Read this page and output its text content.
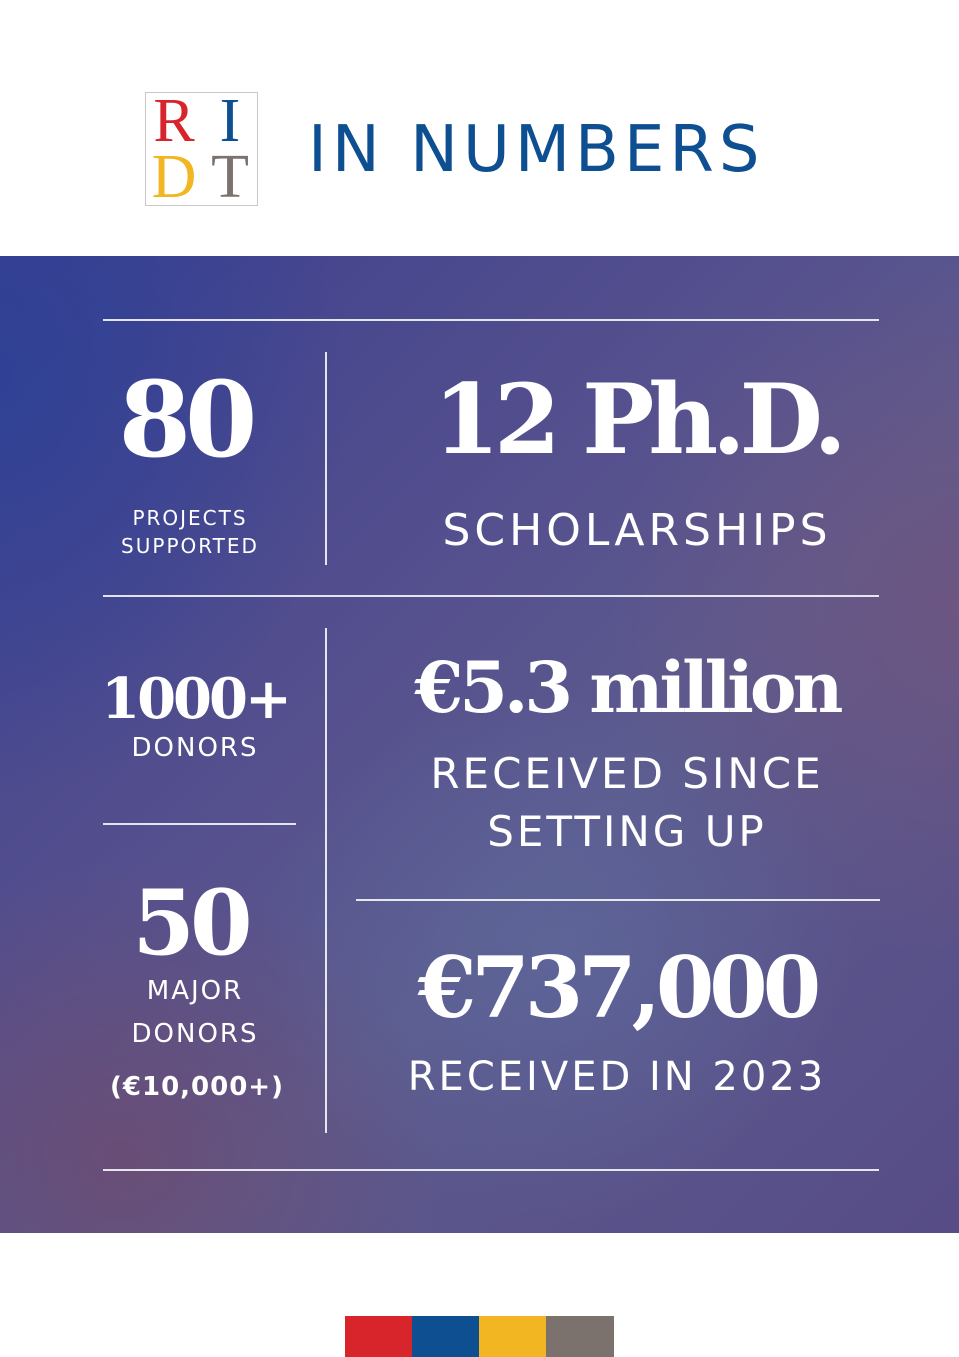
R I
D T IN NUMBERS
80
PROJECTS
SUPPORTED
12 Ph.D.
SCHOLARSHIPS
1000+
DONORS
€5.3 million
RECEIVED SINCE
SETTING UP
50
MAJOR
DONORS
(€10,000+)
€737,000
RECEIVED IN 2023
